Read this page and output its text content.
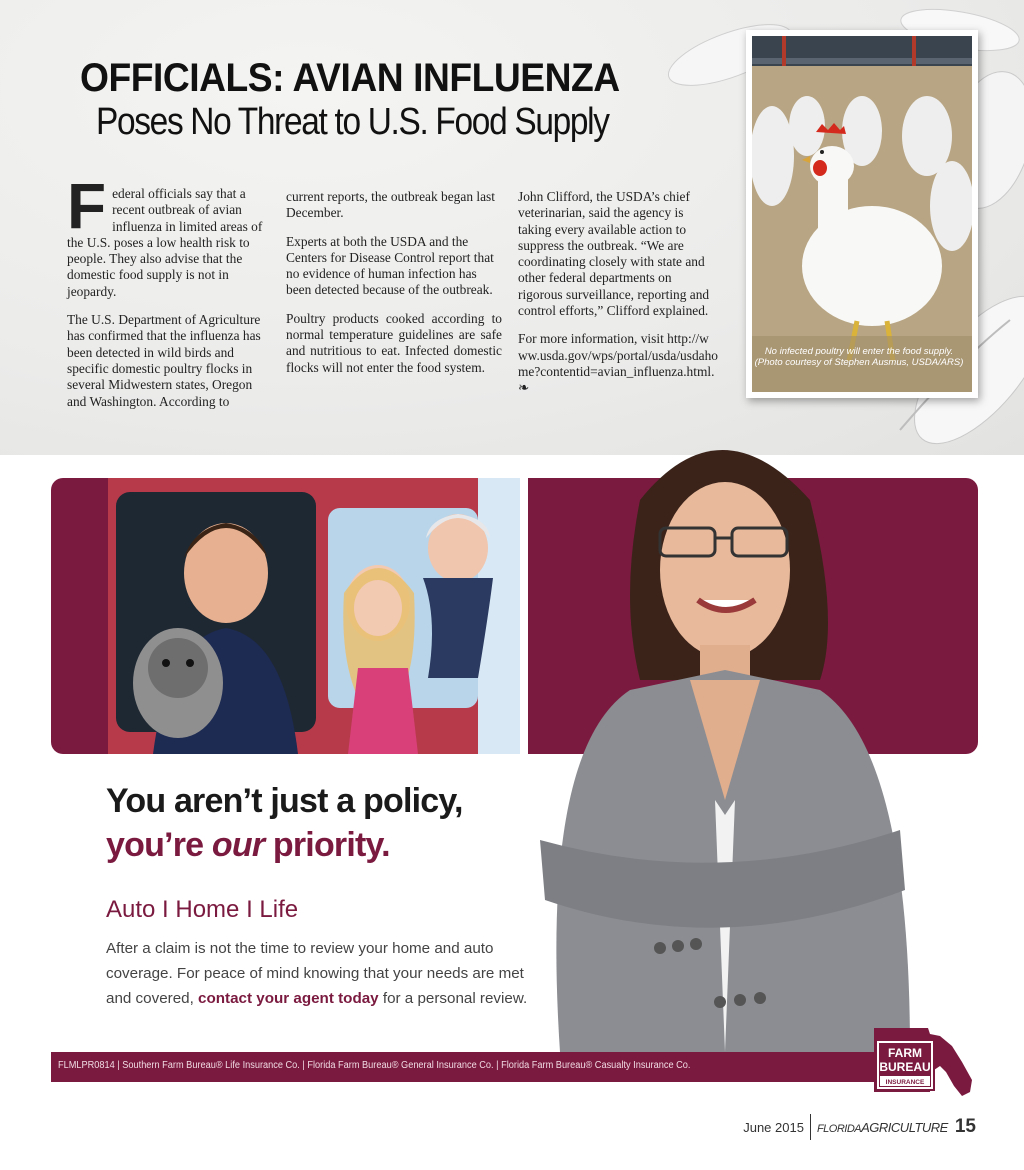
OFFICIALS: AVIAN INFLUENZA
Poses No Threat to U.S. Food Supply

Federal officials say that a recent outbreak of avian influenza in limited areas of the U.S. poses a low health risk to people. They also advise that the domestic food supply is not in jeopardy.

The U.S. Department of Agriculture has confirmed that the influenza has been detected in wild birds and specific domestic poultry flocks in several Midwestern states, Oregon and Washington. According to

current reports, the outbreak began last December.

Experts at both the USDA and the Centers for Disease Control report that no evidence of human infection has been detected because of the outbreak.

Poultry products cooked according to normal temperature guidelines are safe and nutritious to eat. Infected domestic flocks will not enter the food system.

John Clifford, the USDA’s chief veterinarian, said the agency is taking every available action to suppress the outbreak. “We are coordinating closely with state and other federal departments on rigorous surveillance, reporting and control efforts,” Clifford explained.

For more information, visit http://www.usda.gov/wps/portal/usda/usdahome?contentid=avian_influenza.html. ❧

No infected poultry will enter the food supply. (Photo courtesy of Stephen Ausmus, USDA/ARS)

You aren’t just a policy,

you’re our priority.

Auto I Home I Life

After a claim is not the time to review your home and auto coverage. For peace of mind knowing that your needs are met and covered, contact your agent today for a personal review.
FLMLPR0814 | Southern Farm Bureau® Life Insurance Co. | Florida Farm Bureau® General Insurance Co. | Florida Farm Bureau® Casualty Insurance Co.
FARM
BUREAU
INSURANCE
June 2015 FLORIDAAGRICULTURE 15
